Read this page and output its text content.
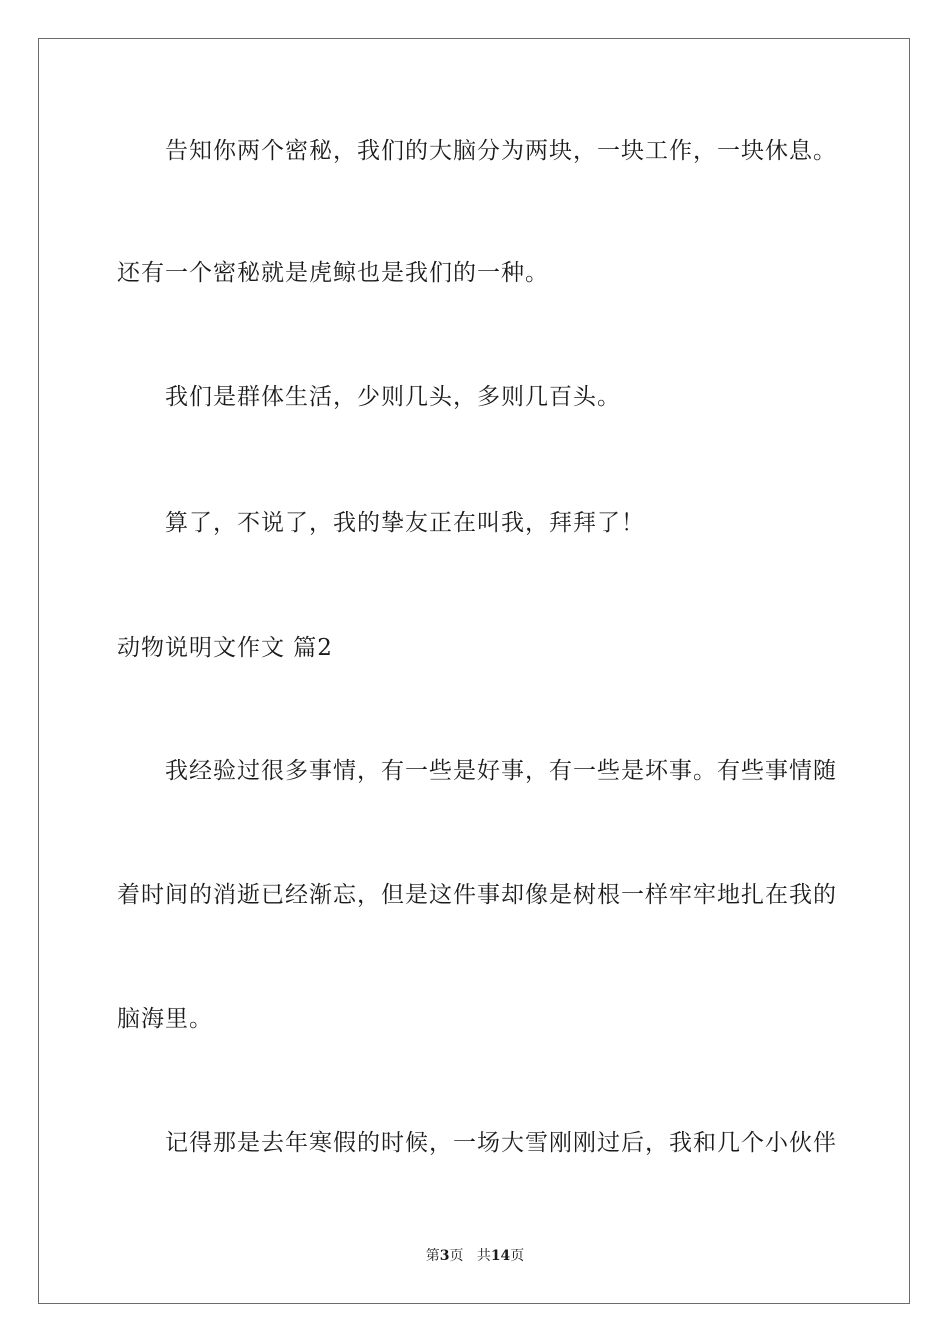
告知你两个密秘，我们的大脑分为两块，一块工作，一块休息。
还有一个密秘就是虎鲸也是我们的一种。
我们是群体生活，少则几头，多则几百头。
算了，不说了，我的挚友正在叫我，拜拜了！
动物说明文作文 篇2
我经验过很多事情，有一些是好事，有一些是坏事。有些事情随
着时间的消逝已经渐忘，但是这件事却像是树根一样牢牢地扎在我的
脑海里。
记得那是去年寒假的时候，一场大雪刚刚过后，我和几个小伙伴
第3页 共14页
